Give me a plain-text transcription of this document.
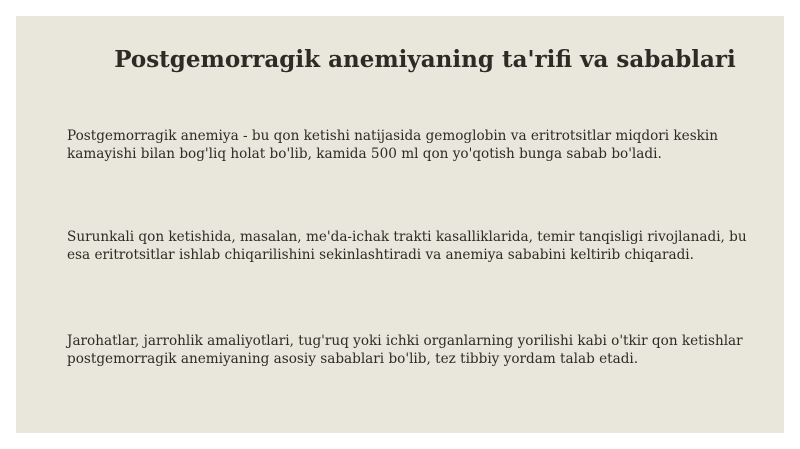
Postgemorragik anemiyaning ta'rifi va sabablari

Postgemorragik anemiya - bu qon ketishi natijasida gemoglobin va eritrotsitlar miqdori keskin kamayishi bilan bog'liq holat bo'lib, kamida 500 ml qon yo'qotish bunga sabab bo'ladi.

Surunkali qon ketishida, masalan, me'da-ichak trakti kasalliklarida, temir tanqisligi rivojlanadi, bu esa eritrotsitlar ishlab chiqarilishini sekinlashtiradi va anemiya sababini keltirib chiqaradi.

Jarohatlar, jarrohlik amaliyotlari, tug'ruq yoki ichki organlarning yorilishi kabi o'tkir qon ketishlar postgemorragik anemiyaning asosiy sabablari bo'lib, tez tibbiy yordam talab etadi.
